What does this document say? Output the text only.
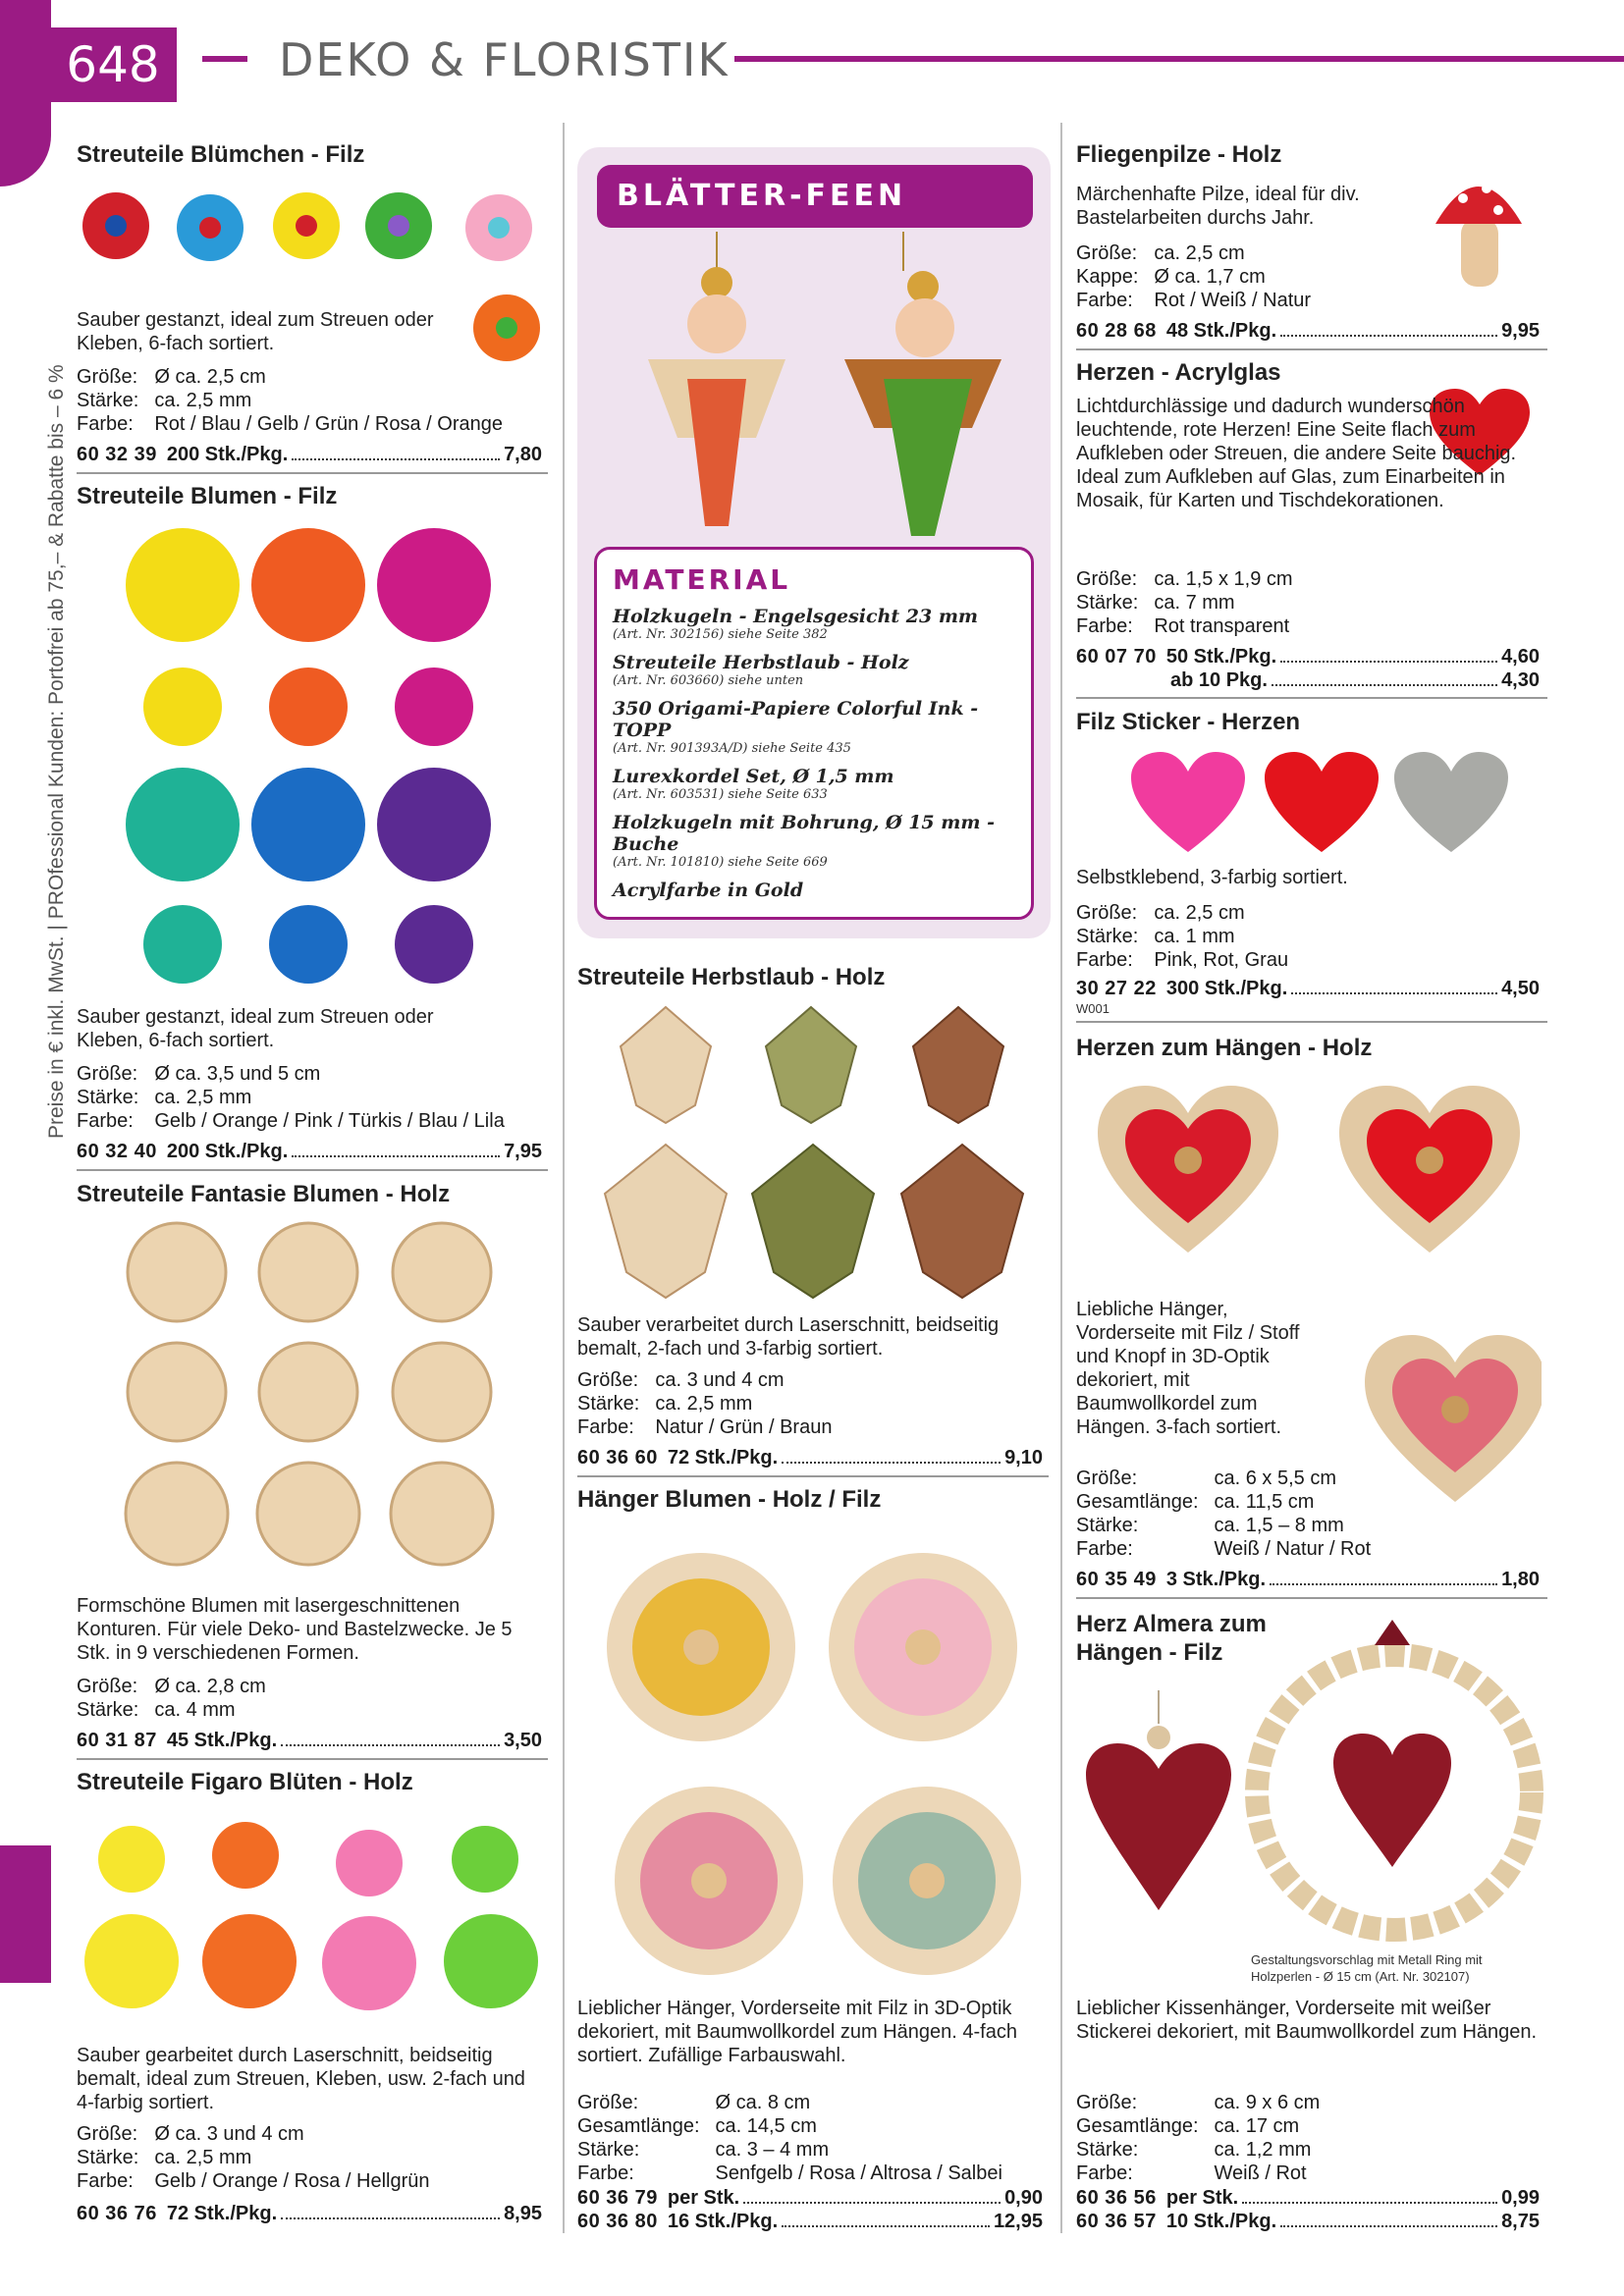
648	DEKO & FLORISTIK
Preise in € inkl. MwSt. | PROfessional Kunden: Portofrei ab 75,– & Rabatte bis – 6 %
Streuteile Blümchen - Filz
Sauber gestanzt, ideal zum Streuen oder Kleben, 6-fach sortiert.
Größe:	Ø ca. 2,5 cm
Stärke:	ca. 2,5 mm
Farbe:	Rot / Blau / Gelb / Grün / Rosa / Orange
60 32 39 200 Stk./Pkg.	7,80
Streuteile Blumen - Filz
Sauber gestanzt, ideal zum Streuen oder Kleben, 6-fach sortiert.
Größe:	Ø ca. 3,5 und 5 cm
Stärke:	ca. 2,5 mm
Farbe:	Gelb / Orange / Pink / Türkis / Blau / Lila
60 32 40 200 Stk./Pkg.	7,95
Streuteile Fantasie Blumen - Holz
Formschöne Blumen mit lasergeschnittenen Konturen. Für viele Deko- und Bastelzwecke. Je 5 Stk. in 9 verschiedenen Formen.
Größe:	Ø ca. 2,8 cm
Stärke:	ca. 4 mm
60 31 87 45 Stk./Pkg.	3,50
Streuteile Figaro Blüten - Holz
Sauber gearbeitet durch Laserschnitt, beidseitig bemalt, ideal zum Streuen, Kleben, usw. 2-fach und 4-farbig sortiert.
Größe:	Ø ca. 3 und 4 cm
Stärke:	ca. 2,5 mm
Farbe:	Gelb / Orange / Rosa / Hellgrün
60 36 76 72 Stk./Pkg.	8,95
BLÄTTER-FEEN
MATERIAL
Holzkugeln - Engelsgesicht 23 mm
(Art. Nr. 302156) siehe Seite 382
Streuteile Herbstlaub - Holz
(Art. Nr. 603660) siehe unten
350 Origami-Papiere Colorful Ink - TOPP
(Art. Nr. 901393A/D) siehe Seite 435
Lurexkordel Set, Ø 1,5 mm
(Art. Nr. 603531) siehe Seite 633
Holzkugeln mit Bohrung, Ø 15 mm - Buche
(Art. Nr. 101810) siehe Seite 669
Acrylfarbe in Gold
Streuteile Herbstlaub - Holz
Sauber verarbeitet durch Laserschnitt, beidseitig bemalt, 2-fach und 3-farbig sortiert.
Größe:	ca. 3 und 4 cm
Stärke:	ca. 2,5 mm
Farbe:	Natur / Grün / Braun
60 36 60 72 Stk./Pkg.	9,10
Hänger Blumen - Holz / Filz
Lieblicher Hänger, Vorderseite mit Filz in 3D-Optik dekoriert, mit Baumwollkordel zum Hängen. 4-fach sortiert. Zufällige Farbauswahl.
Größe:	Ø ca. 8 cm
Gesamtlänge:	ca. 14,5 cm
Stärke:	ca. 3 – 4 mm
Farbe:	Senfgelb / Rosa / Altrosa / Salbei
60 36 79 per Stk.	0,90
60 36 80 16 Stk./Pkg.	12,95
Fliegenpilze - Holz
Märchenhafte Pilze, ideal für div. Bastelarbeiten durchs Jahr.
Größe:	ca. 2,5 cm
Kappe:	Ø ca. 1,7 cm
Farbe:	Rot / Weiß / Natur
60 28 68 48 Stk./Pkg.	9,95
Herzen - Acrylglas
Lichtdurchlässige und dadurch wunderschön leuchtende, rote Herzen! Eine Seite flach zum Aufkleben oder Streuen, die andere Seite bauchig. Ideal zum Aufkleben auf Glas, zum Einarbeiten in Mosaik, für Karten und Tischdekorationen.
Größe:	ca. 1,5 x 1,9 cm
Stärke:	ca. 7 mm
Farbe:	Rot transparent
60 07 70 50 Stk./Pkg.	4,60
ab 10 Pkg.	4,30
Filz Sticker - Herzen
Selbstklebend, 3-farbig sortiert.
Größe:	ca. 2,5 cm
Stärke:	ca. 1 mm
Farbe:	Pink, Rot, Grau
30 27 22 300 Stk./Pkg.	4,50
W001
Herzen zum Hängen - Holz
Liebliche Hänger, Vorderseite mit Filz / Stoff und Knopf in 3D-Optik dekoriert, mit Baumwollkordel zum Hängen. 3-fach sortiert.
Größe:	ca. 6 x 5,5 cm
Gesamtlänge:	ca. 11,5 cm
Stärke:	ca. 1,5 – 8 mm
Farbe:	Weiß / Natur / Rot
60 35 49 3 Stk./Pkg.	1,80
Herz Almera zum Hängen - Filz
Gestaltungsvorschlag mit Metall Ring mit Holzperlen - Ø 15 cm (Art. Nr. 302107)
Lieblicher Kissenhänger, Vorderseite mit weißer Stickerei dekoriert, mit Baumwollkordel zum Hängen.
Größe:	ca. 9 x 6 cm
Gesamtlänge:	ca. 17 cm
Stärke:	ca. 1,2 mm
Farbe:	Weiß / Rot
60 36 56 per Stk.	0,99
60 36 57 10 Stk./Pkg.	8,75
